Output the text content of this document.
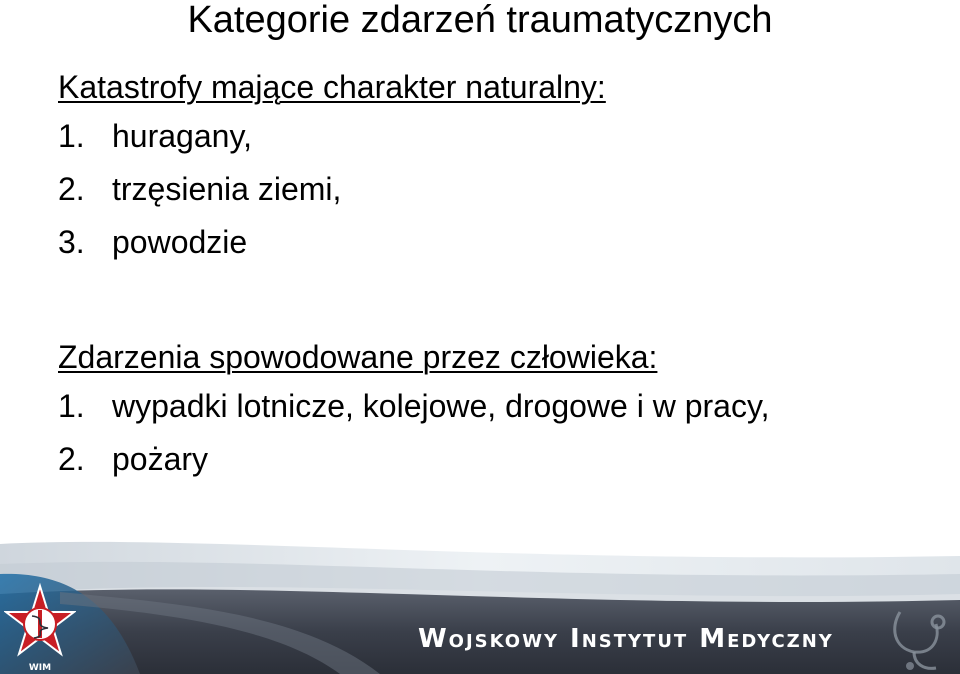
Kategorie zdarzeń traumatycznych
Katastrofy mające charakter naturalny:
1. huragany,
2. trzęsienia ziemi,
3. powodzie
Zdarzenia spowodowane przez człowieka:
1. wypadki lotnicze, kolejowe, drogowe i w pracy,
2. pożary
WIM
Wojskowy Instytut Medyczny
